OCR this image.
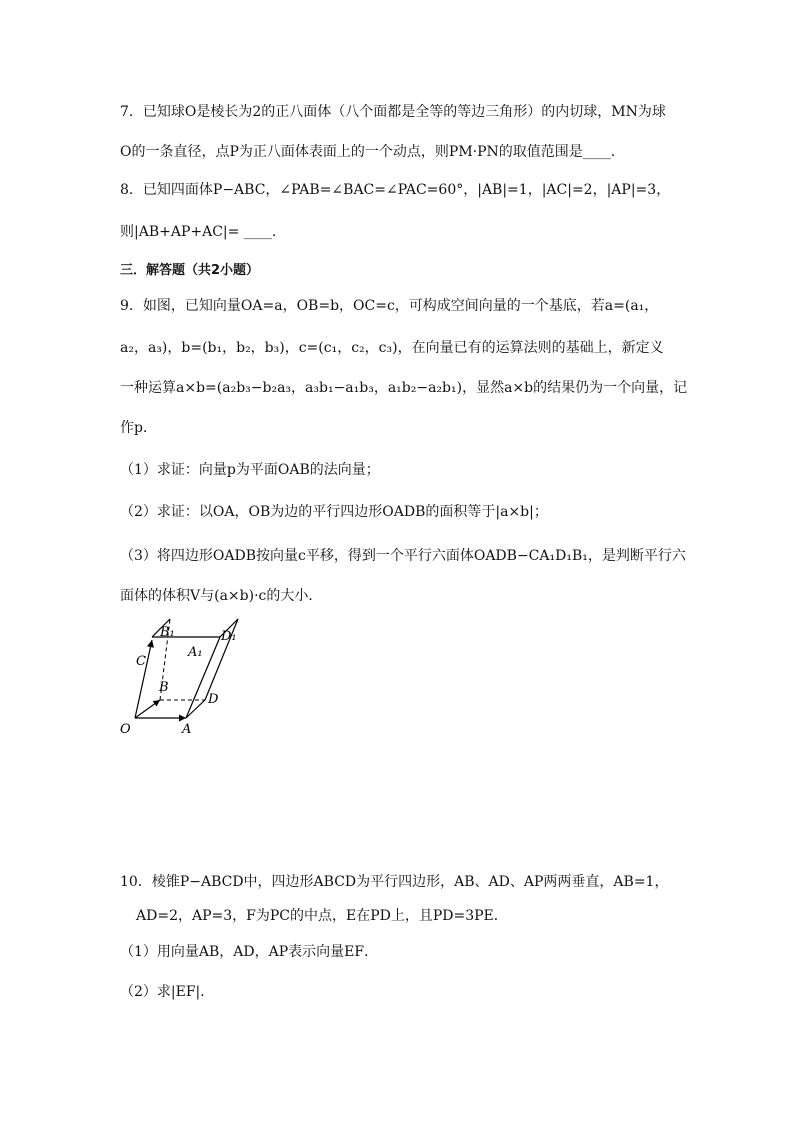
7．已知球O是棱长为2的正八面体（八个面都是全等的等边三角形）的内切球，MN为球
O的一条直径，点P为正八面体表面上的一个动点，则PM·PN的取值范围是____.
8．已知四面体P−ABC，∠PAB=∠BAC=∠PAC=60°，|AB|=1，|AC|=2，|AP|=3，
则|AB+AP+AC|= ____.
三．解答题（共2小题）
9．如图，已知向量OA=a，OB=b，OC=c，可构成空间向量的一个基底，若a=(a₁，
a₂，a₃)，b=(b₁，b₂，b₃)，c=(c₁，c₂，c₃)，在向量已有的运算法则的基础上，新定义
一种运算a×b=(a₂b₃−b₂a₃，a₃b₁−a₁b₃，a₁b₂−a₂b₁)，显然a×b的结果仍为一个向量，记
作p．
（1）求证：向量p为平面OAB的法向量；
（2）求证：以OA，OB为边的平行四边形OADB的面积等于|a×b|；
（3）将四边形OADB按向量c平移，得到一个平行六面体OADB−CA₁D₁B₁，是判断平行六
面体的体积V与(a×b)·c的大小．
O	A
B
C
D
B₁
A₁
D₁
10．棱锥P−ABCD中，四边形ABCD为平行四边形，AB、AD、AP两两垂直，AB=1，
AD=2，AP=3，F为PC的中点，E在PD上，且PD=3PE．
（1）用向量AB，AD，AP表示向量EF．
（2）求|EF|．
